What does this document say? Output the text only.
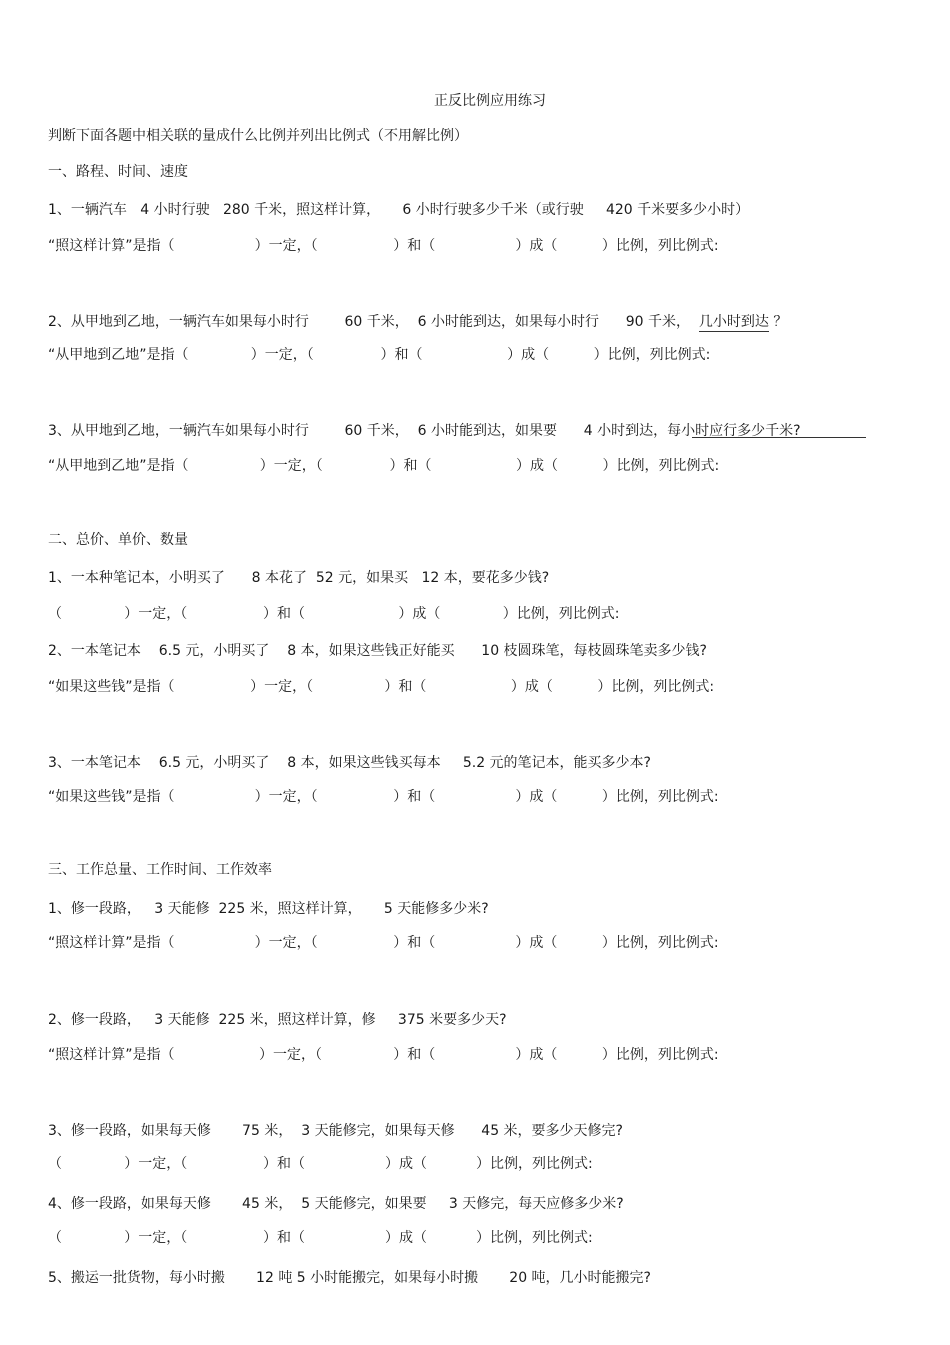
正反比例应用练习
判断下面各题中相关联的量成什么比例并列出比例式（不用解比例）
一、路程、时间、速度
1、一辆汽车   4 小时行驶   280 千米，照这样计算，     6 小时行驶多少千米（或行驶     420 千米要多少小时）
“照这样计算”是指（                  ）一定，（                 ）和（                  ）成（          ）比例，列比例式:
2、从甲地到乙地，一辆汽车如果每小时行        60 千米，  6 小时能到达，如果每小时行      90 千米，  几小时到达 ？
“从甲地到乙地”是指（              ）一定，（               ）和（                   ）成（          ）比例，列比例式:
3、从甲地到乙地，一辆汽车如果每小时行        60 千米，  6 小时能到达，如果要      4 小时到达，每小时应行多少千米?
“从甲地到乙地”是指（                ）一定，（               ）和（                   ）成（          ）比例，列比例式:
二、总价、单价、数量
1、一本种笔记本，小明买了      8 本花了  52 元，如果买   12 本，要花多少钱?
（              ）一定，（                 ）和（                     ）成（              ）比例，列比例式:
2、一本笔记本    6.5 元，小明买了    8 本，如果这些钱正好能买      10 枝圆珠笔，每枝圆珠笔卖多少钱?
“如果这些钱”是指（                 ）一定，（                ）和（                   ）成（          ）比例，列比例式:
3、一本笔记本    6.5 元，小明买了    8 本，如果这些钱买每本     5.2 元的笔记本，能买多少本?
“如果这些钱”是指（                  ）一定，（                 ）和（                  ）成（          ）比例，列比例式:
三、工作总量、工作时间、工作效率
1、修一段路，   3 天能修  225 米，照这样计算，     5 天能修多少米?
“照这样计算”是指（                  ）一定，（                 ）和（                  ）成（          ）比例，列比例式:
2、修一段路，   3 天能修  225 米，照这样计算，修     375 米要多少天?
“照这样计算”是指（                   ）一定，（                ）和（                  ）成（          ）比例，列比例式:
3、修一段路，如果每天修       75 米，  3 天能修完，如果每天修      45 米，要多少天修完?
（              ）一定，（                 ）和（                  ）成（           ）比例，列比例式:
4、修一段路，如果每天修       45 米，  5 天能修完，如果要     3 天修完，每天应修多少米?
（              ）一定，（                 ）和（                  ）成（           ）比例，列比例式:
5、搬运一批货物，每小时搬       12 吨 5 小时能搬完，如果每小时搬       20 吨，几小时能搬完?
